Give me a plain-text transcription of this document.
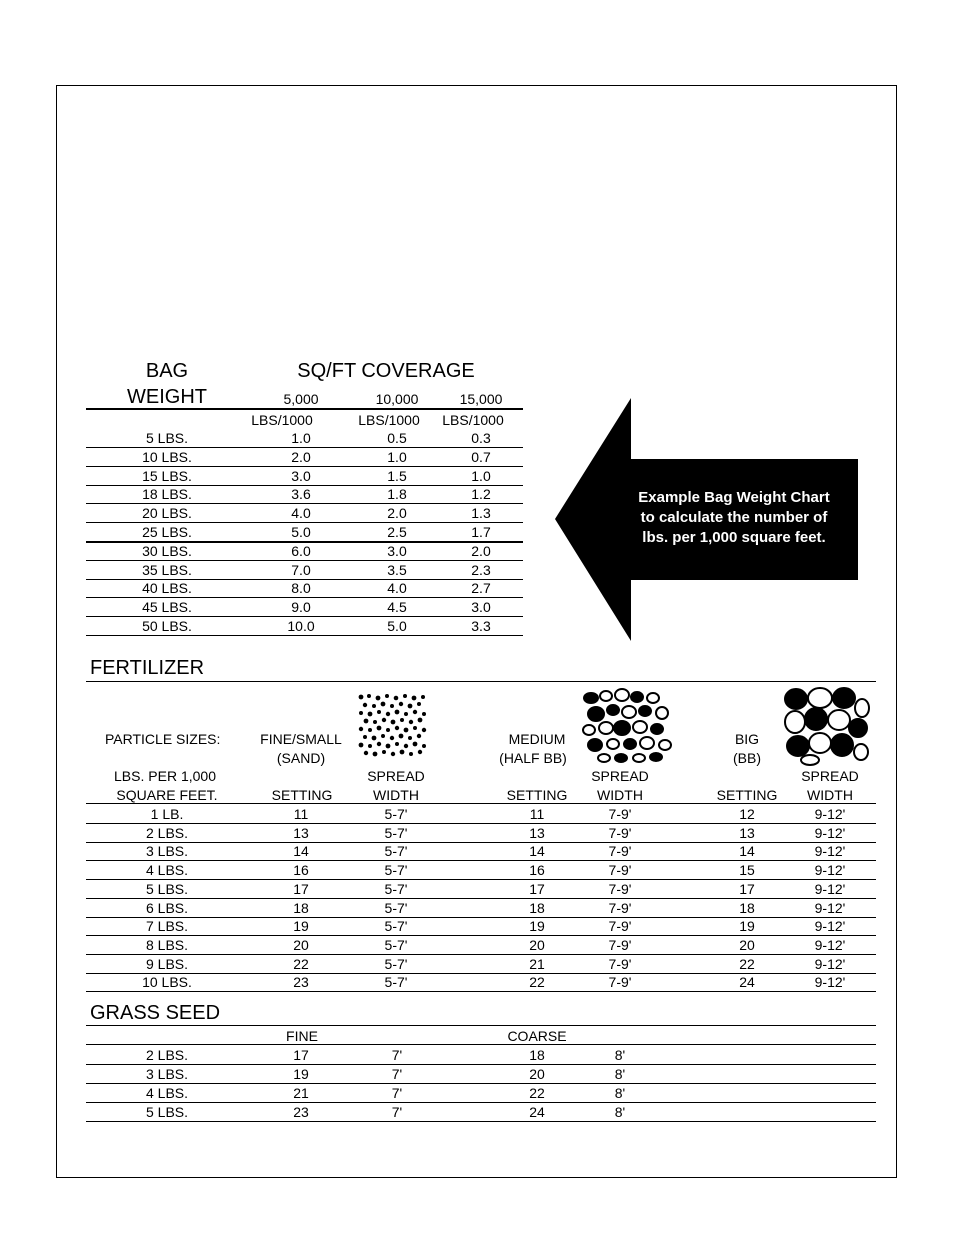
BAG
WEIGHT
SQ/FT COVERAGE
5,000	10,000	15,000
LBS/1000	LBS/1000 LBS/1000
5 LBS.	1.0	0.5	0.3
10 LBS.	2.0	1.0	0.7
15 LBS.	3.0	1.5	1.0
18 LBS.	3.6	1.8	1.2
20 LBS.	4.0	2.0	1.3
25 LBS.	5.0	2.5	1.7
30 LBS.	6.0	3.0	2.0
35 LBS.	7.0	3.5	2.3
40 LBS.	8.0	4.0	2.7
45 LBS.	9.0	4.5	3.0
50 LBS.	10.0	5.0	3.3
Example Bag Weight Chart
to calculate the number of
lbs. per 1,000 square feet.
FERTILIZER
PARTICLE SIZES:	FINE/SMALL
(SAND)
MEDIUM
(HALF BB)
BIG
(BB)
LBS. PER 1,000
SQUARE FEET.
SPREAD	SPREAD	SPREAD
SETTING	WIDTH	SETTING WIDTH	SETTING WIDTH
1 LB.	11	5-7'	11	7-9'	12	9-12'
2 LBS.	13	5-7'	13	7-9'	13	9-12'
3 LBS.	14	5-7'	14	7-9'	14	9-12'
4 LBS.	16	5-7'	16	7-9'	15	9-12'
5 LBS.	17	5-7'	17	7-9'	17	9-12'
6 LBS.	18	5-7'	18	7-9'	18	9-12'
7 LBS.	19	5-7'	19	7-9'	19	9-12'
8 LBS.	20	5-7'	20	7-9'	20	9-12'
9 LBS.	22	5-7'	21	7-9'	22	9-12'
10 LBS.	23	5-7'	22	7-9'	24	9-12'
GRASS SEED
FINE	COARSE
2 LBS.	17	7'	18	8'
3 LBS.	19	7'	20	8'
4 LBS.	21	7'	22	8'
5 LBS.	23	7'	24	8'
